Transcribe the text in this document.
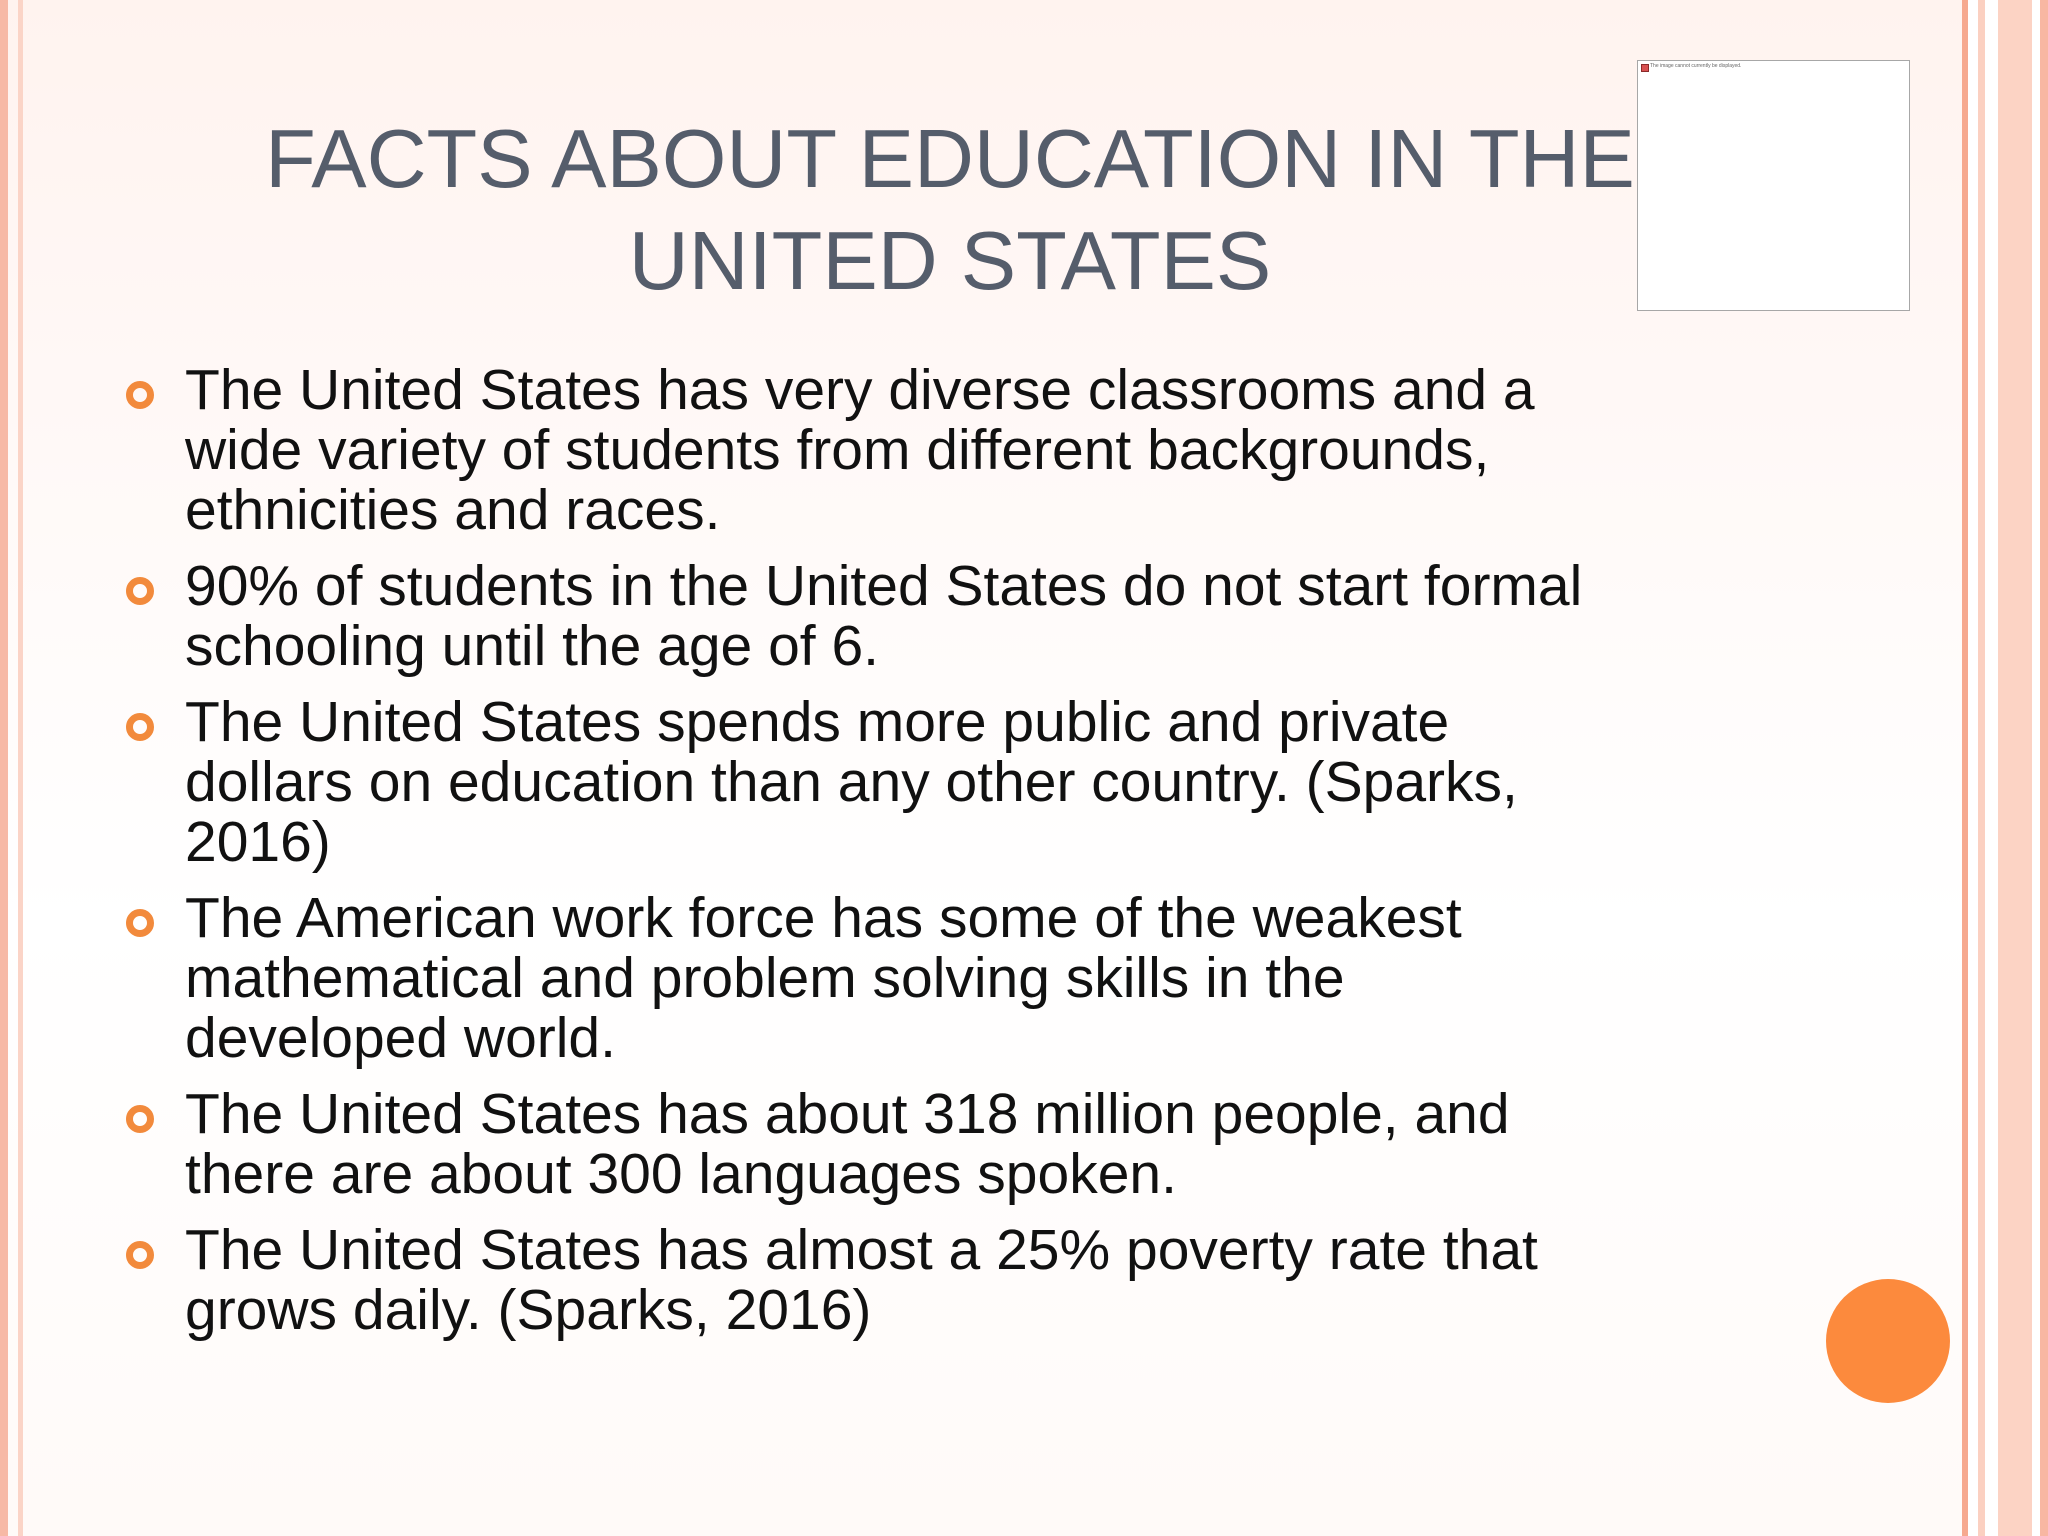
FACTS ABOUT EDUCATION IN THE
UNITED STATES
The image cannot currently be displayed.
The United States has very diverse classrooms and a
wide variety of students from different backgrounds,
ethnicities and races.
90% of students in the United States do not start formal
schooling until the age of 6.
The United States spends more public and private
dollars on education than any other country. (Sparks,
2016)
The American work force has some of the weakest
mathematical and problem solving skills in the
developed world.
The United States has about 318 million people, and
there are about 300 languages spoken.
The United States has almost a 25% poverty rate that
grows daily. (Sparks, 2016)
